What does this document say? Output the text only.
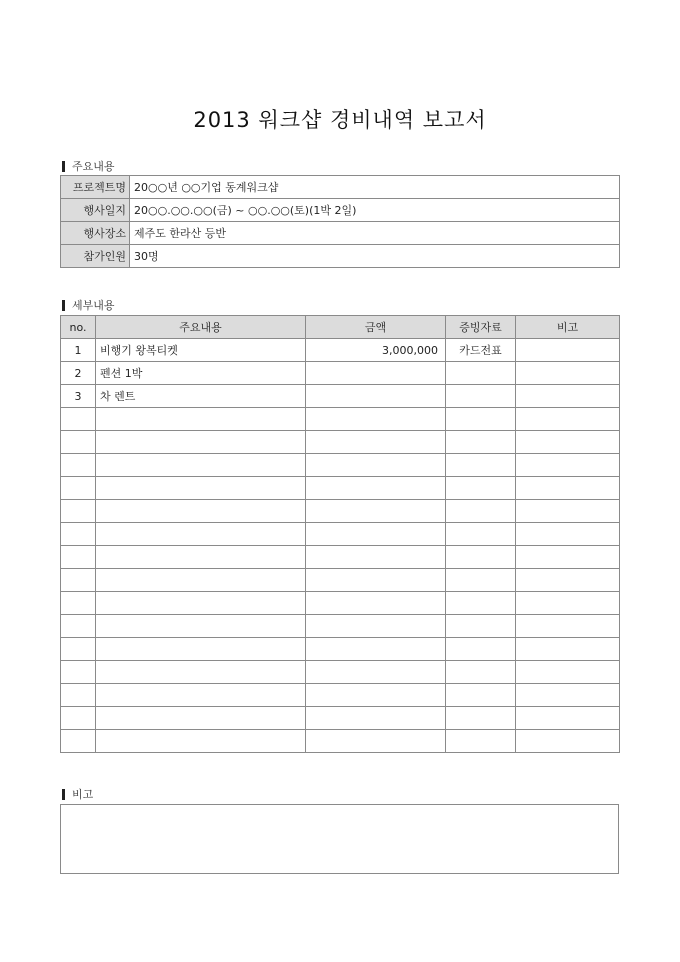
2013 워크샵 경비내역 보고서
주요내용
프로젝트명	20○○년 ○○기업 동계워크샵
행사일지	20○○.○○.○○(금) ~ ○○.○○(토)(1박 2일)
행사장소	제주도 한라산 등반
참가인원	30명
세부내용
no.	주요내용	금액	증빙자료	비고
1	비행기 왕복티켓	3,000,000	카드전표	
2	펜션 1박			
3	차 렌트			

비고
